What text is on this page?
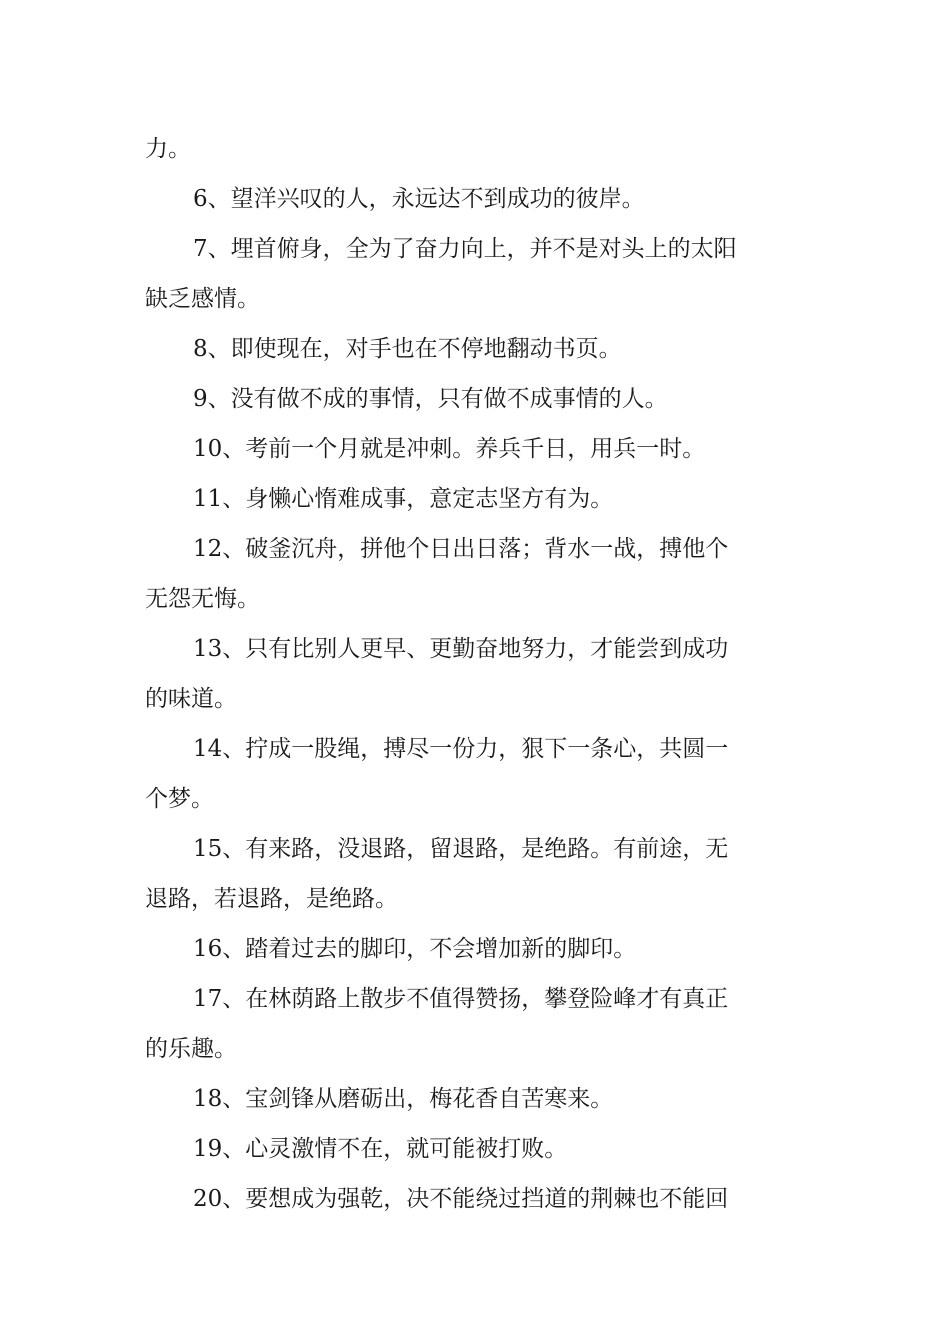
力。
6、望洋兴叹的人，永远达不到成功的彼岸。
7、埋首俯身，全为了奋力向上，并不是对头上的太阳
缺乏感情。
8、即使现在，对手也在不停地翻动书页。
9、没有做不成的事情，只有做不成事情的人。
10、考前一个月就是冲刺。养兵千日，用兵一时。
11、身懒心惰难成事，意定志坚方有为。
12、破釜沉舟，拼他个日出日落；背水一战，搏他个
无怨无悔。
13、只有比别人更早、更勤奋地努力，才能尝到成功
的味道。
14、拧成一股绳，搏尽一份力，狠下一条心，共圆一
个梦。
15、有来路，没退路，留退路，是绝路。有前途，无
退路，若退路，是绝路。
16、踏着过去的脚印，不会增加新的脚印。
17、在林荫路上散步不值得赞扬，攀登险峰才有真正
的乐趣。
18、宝剑锋从磨砺出，梅花香自苦寒来。
19、心灵激情不在，就可能被打败。
20、要想成为强乾，决不能绕过挡道的荆棘也不能回
